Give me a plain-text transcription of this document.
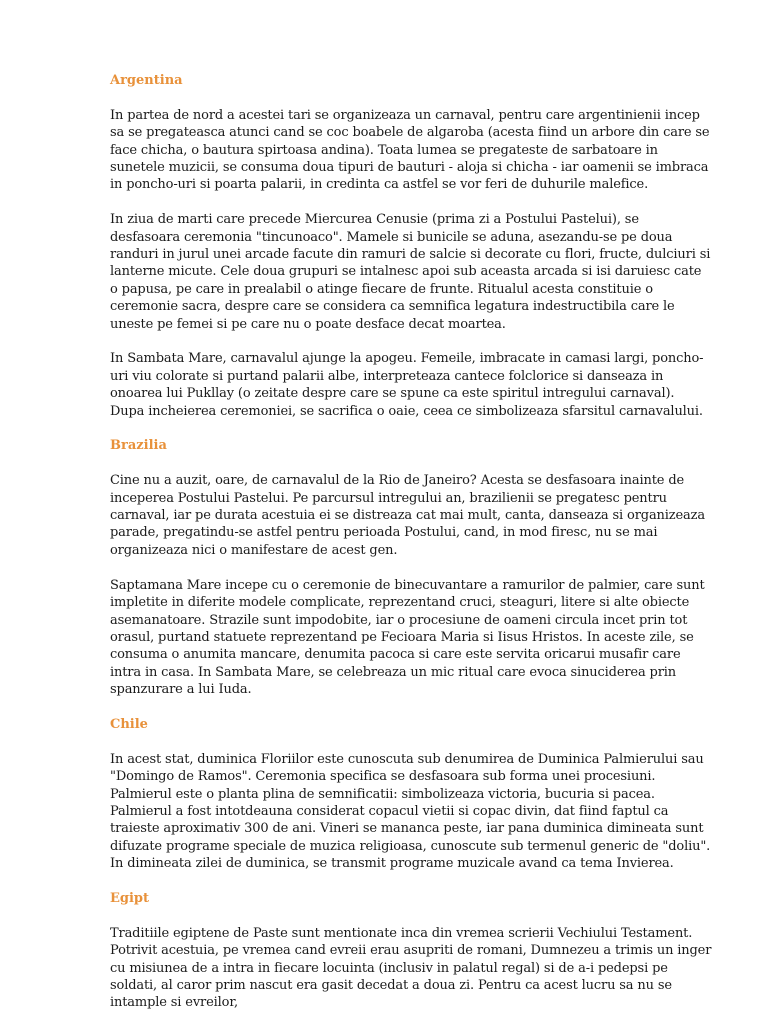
Argentina

In partea de nord a acestei tari se organizeaza un carnaval, pentru care argentinienii incep sa se pregateasca atunci cand se coc boabele de algaroba (acesta fiind un arbore din care se face chicha, o bautura spirtoasa andina). Toata lumea se pregateste de sarbatoare in sunetele muzicii, se consuma doua tipuri de bauturi - aloja si chicha - iar oamenii se imbraca in poncho-uri si poarta palarii, in credinta ca astfel se vor feri de duhurile malefice.

In ziua de marti care precede Miercurea Cenusie (prima zi a Postului Pastelui), se desfasoara ceremonia "tincunoaco". Mamele si bunicile se aduna, asezandu-se pe doua randuri in jurul unei arcade facute din ramuri de salcie si decorate cu flori, fructe, dulciuri si lanterne micute. Cele doua grupuri se intalnesc apoi sub aceasta arcada si isi daruiesc cate o papusa, pe care in prealabil o atinge fiecare de frunte. Ritualul acesta constituie o ceremonie sacra, despre care se considera ca semnifica legatura indestructibila care le uneste pe femei si pe care nu o poate desface decat moartea.

In Sambata Mare, carnavalul ajunge la apogeu. Femeile, imbracate in camasi largi, poncho-uri viu colorate si purtand palarii albe, interpreteaza cantece folclorice si danseaza in onoarea lui Pukllay (o zeitate despre care se spune ca este spiritul intregului carnaval). Dupa incheierea ceremoniei, se sacrifica o oaie, ceea ce simbolizeaza sfarsitul carnavalului.

Brazilia

Cine nu a auzit, oare, de carnavalul de la Rio de Janeiro? Acesta se desfasoara inainte de inceperea Postului Pastelui. Pe parcursul intregului an, brazilienii se pregatesc pentru carnaval, iar pe durata acestuia ei se distreaza cat mai mult, canta, danseaza si organizeaza parade, pregatindu-se astfel pentru perioada Postului, cand, in mod firesc, nu se mai organizeaza nici o manifestare de acest gen.

Saptamana Mare incepe cu o ceremonie de binecuvantare a ramurilor de palmier, care sunt impletite in diferite modele complicate, reprezentand cruci, steaguri, litere si alte obiecte asemanatoare. Strazile sunt impodobite, iar o procesiune de oameni circula incet prin tot orasul, purtand statuete reprezentand pe Fecioara Maria si Iisus Hristos. In aceste zile, se consuma o anumita mancare, denumita pacoca si care este servita oricarui musafir care intra in casa. In Sambata Mare, se celebreaza un mic ritual care evoca sinuciderea prin spanzurare a lui Iuda.

Chile

In acest stat, duminica Floriilor este cunoscuta sub denumirea de Duminica Palmierului sau "Domingo de Ramos". Ceremonia specifica se desfasoara sub forma unei procesiuni. Palmierul este o planta plina de semnificatii: simbolizeaza victoria, bucuria si pacea. Palmierul a fost intotdeauna considerat copacul vietii si copac divin, dat fiind faptul ca traieste aproximativ 300 de ani. Vineri se mananca peste, iar pana duminica dimineata sunt difuzate programe speciale de muzica religioasa, cunoscute sub termenul generic de "doliu". In dimineata zilei de duminica, se transmit programe muzicale avand ca tema Invierea.

Egipt

Traditiile egiptene de Paste sunt mentionate inca din vremea scrierii Vechiului Testament. Potrivit acestuia, pe vremea cand evreii erau asupriti de romani, Dumnezeu a trimis un inger cu misiunea de a intra in fiecare locuinta (inclusiv in palatul regal) si de a-i pedepsi pe soldati, al caror prim nascut era gasit decedat a doua zi. Pentru ca acest lucru sa nu se intample si evreilor,
